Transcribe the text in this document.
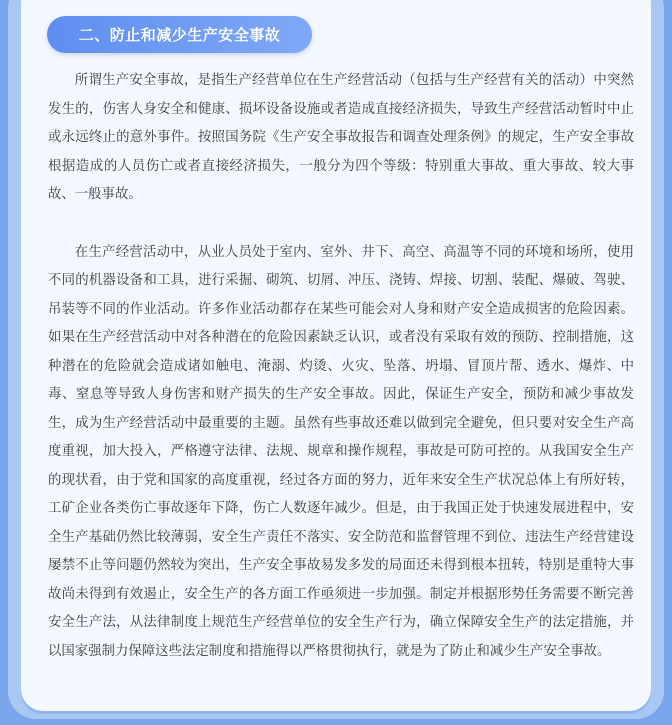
二、防止和减少生产安全事故

所谓生产安全事故，是指生产经营单位在生产经营活动（包括与生产经营有关的活动）中突然发生的，伤害人身安全和健康、损坏设备设施或者造成直接经济损失，导致生产经营活动暂时中止或永远终止的意外事件。按照国务院《生产安全事故报告和调查处理条例》的规定，生产安全事故根据造成的人员伤亡或者直接经济损失，一般分为四个等级：特别重大事故、重大事故、较大事故、一般事故。

在生产经营活动中，从业人员处于室内、室外、井下、高空、高温等不同的环境和场所，使用不同的机器设备和工具，进行采掘、砌筑、切屑、冲压、浇铸、焊接、切割、装配、爆破、驾驶、吊装等不同的作业活动。许多作业活动都存在某些可能会对人身和财产安全造成损害的危险因素。如果在生产经营活动中对各种潜在的危险因素缺乏认识，或者没有采取有效的预防、控制措施，这种潜在的危险就会造成诸如触电、淹溺、灼烫、火灾、坠落、坍塌、冒顶片帮、透水、爆炸、中毒、窒息等导致人身伤害和财产损失的生产安全事故。因此，保证生产安全，预防和减少事故发生，成为生产经营活动中最重要的主题。虽然有些事故还难以做到完全避免，但只要对安全生产高度重视，加大投入，严格遵守法律、法规、规章和操作规程，事故是可防可控的。从我国安全生产的现状看，由于党和国家的高度重视，经过各方面的努力，近年来安全生产状况总体上有所好转，工矿企业各类伤亡事故逐年下降，伤亡人数逐年减少。但是，由于我国正处于快速发展进程中，安全生产基础仍然比较薄弱，安全生产责任不落实、安全防范和监督管理不到位、违法生产经营建设屡禁不止等问题仍然较为突出，生产安全事故易发多发的局面还未得到根本扭转，特别是重特大事故尚未得到有效遏止，安全生产的各方面工作亟须进一步加强。制定并根据形势任务需要不断完善安全生产法，从法律制度上规范生产经营单位的安全生产行为，确立保障安全生产的法定措施，并以国家强制力保障这些法定制度和措施得以严格贯彻执行，就是为了防止和减少生产安全事故。
